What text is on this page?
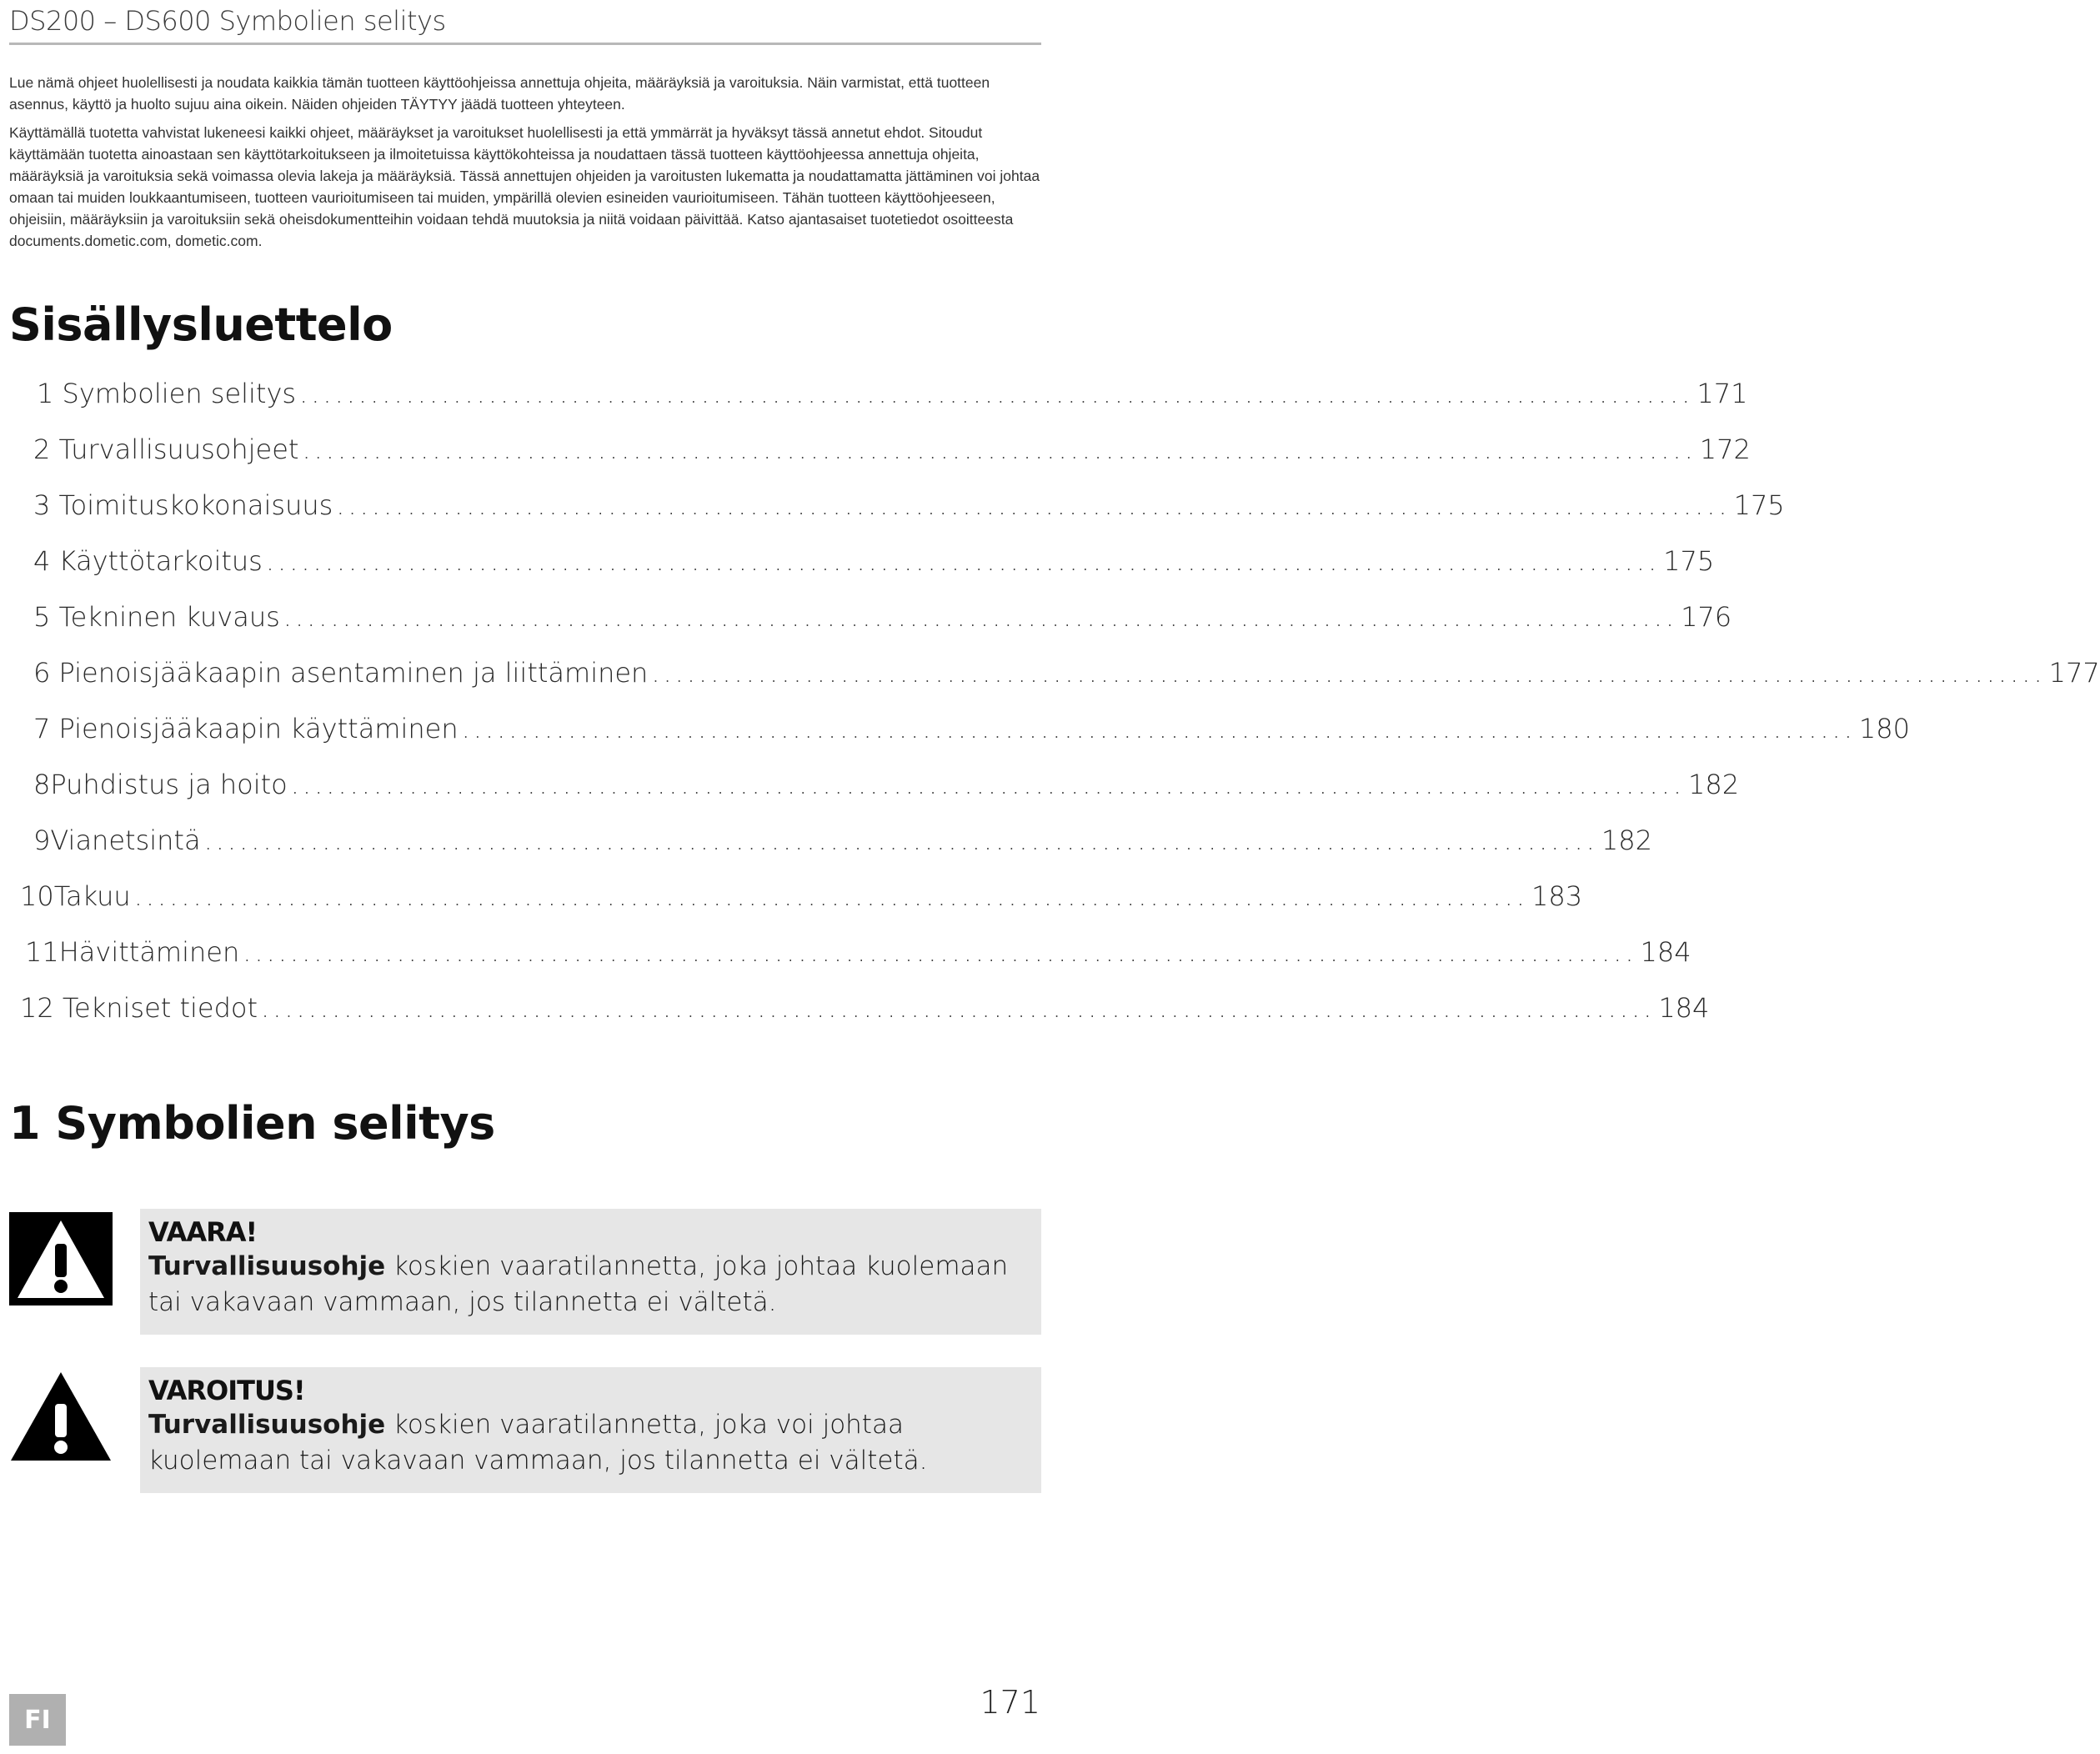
DS200 – DS600 Symbolien selitys

Lue nämä ohjeet huolellisesti ja noudata kaikkia tämän tuotteen käyttöohjeissa annettuja ohjeita, määräyksiä ja varoituksia. Näin varmistat, että tuotteen asennus, käyttö ja huolto sujuu aina oikein. Näiden ohjeiden TÄYTYY jäädä tuotteen yhteyteen.

Käyttämällä tuotetta vahvistat lukeneesi kaikki ohjeet, määräykset ja varoitukset huolellisesti ja että ymmärrät ja hyväksyt tässä annetut ehdot. Sitoudut käyttämään tuotetta ainoastaan sen käyttötarkoitukseen ja ilmoitetuissa käyttökohteissa ja noudattaen tässä tuotteen käyttöohjeessa annettuja ohjeita, määräyksiä ja varoituksia sekä voimassa olevia lakeja ja määräyksiä. Tässä annettujen ohjeiden ja varoitusten lukematta ja noudattamatta jättäminen voi johtaa omaan tai muiden loukkaantumiseen, tuotteen vaurioitumiseen tai muiden, ympärillä olevien esineiden vaurioitumiseen. Tähän tuotteen käyttöohjeeseen, ohjeisiin, määräyksiin ja varoituksiin sekä oheisdokumentteihin voidaan tehdä muutoksia ja niitä voidaan päivittää. Katso ajantasaiset tuotetiedot osoitteesta documents.dometic.com, dometic.com.

Sisällysluettelo
1
Symbolien selitys ...................................................................................................................... 171
2
Turvallisuusohjeet ...................................................................................................................... 172
3
Toimituskokonaisuus ...................................................................................................................... 175
4
Käyttötarkoitus ...................................................................................................................... 175
5
Tekninen kuvaus ...................................................................................................................... 176
6
Pienoisjääkaapin asentaminen ja liittäminen ...................................................................................................................... 177
7
Pienoisjääkaapin käyttäminen ...................................................................................................................... 180
8 Puhdistus ja hoito ...................................................................................................................... 182
9 Vianetsintä ...................................................................................................................... 182
10 Takuu ...................................................................................................................... 183
11 Hävittäminen ...................................................................................................................... 184
12
Tekniset tiedot ...................................................................................................................... 184
1 Symbolien selitys
VAARA!
Turvallisuusohje koskien vaaratilannetta, joka johtaa kuolemaan tai vakavaan vammaan, jos tilannetta ei vältetä.
VAROITUS!
Turvallisuusohje koskien vaaratilannetta, joka voi johtaa kuolemaan tai vakavaan vammaan, jos tilannetta ei vältetä.
FI	171
